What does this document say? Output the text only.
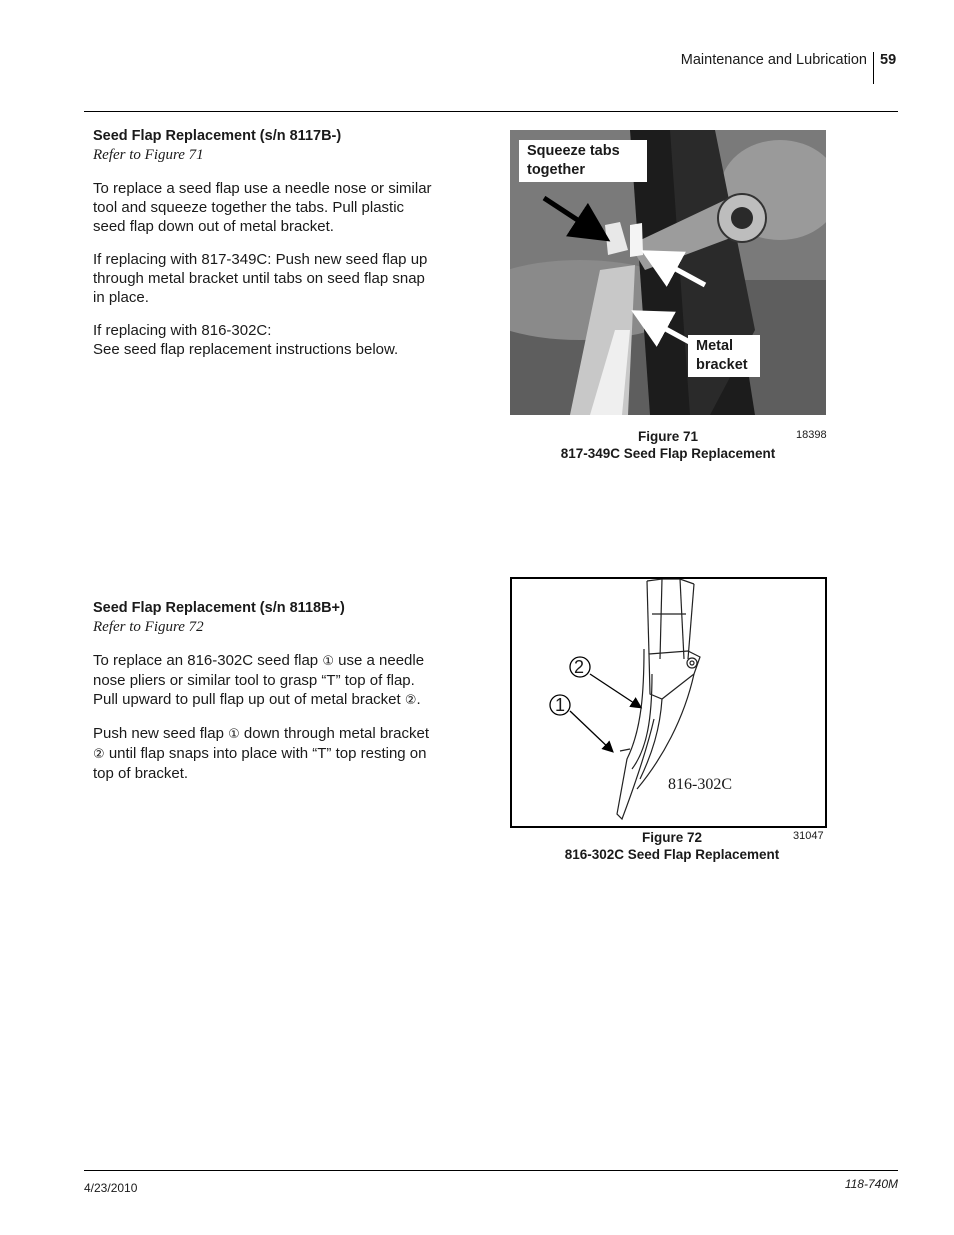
Maintenance and Lubrication 59
Seed Flap Replacement (s/n 8117B-)
Refer to Figure 71

To replace a seed flap use a needle nose or similar tool and squeeze together the tabs. Pull plastic seed flap down out of metal bracket.

If replacing with 817-349C: Push new seed flap up through metal bracket until tabs on seed flap snap in place.

If replacing with 816-302C:
See seed flap replacement instructions below.

Squeeze tabs together
Metal bracket
Figure 71
817-349C Seed Flap Replacement
18398
Seed Flap Replacement (s/n 8118B+)
Refer to Figure 72

To replace an 816-302C seed flap ① use a needle nose pliers or similar tool to grasp “T” top of flap. Pull upward to pull flap up out of metal bracket ②.

Push new seed flap ① down through metal bracket ② until flap snaps into place with “T” top resting on top of bracket.

2
1
816-302C
Figure 72
816-302C Seed Flap Replacement
31047
4/23/2010	118-740M
